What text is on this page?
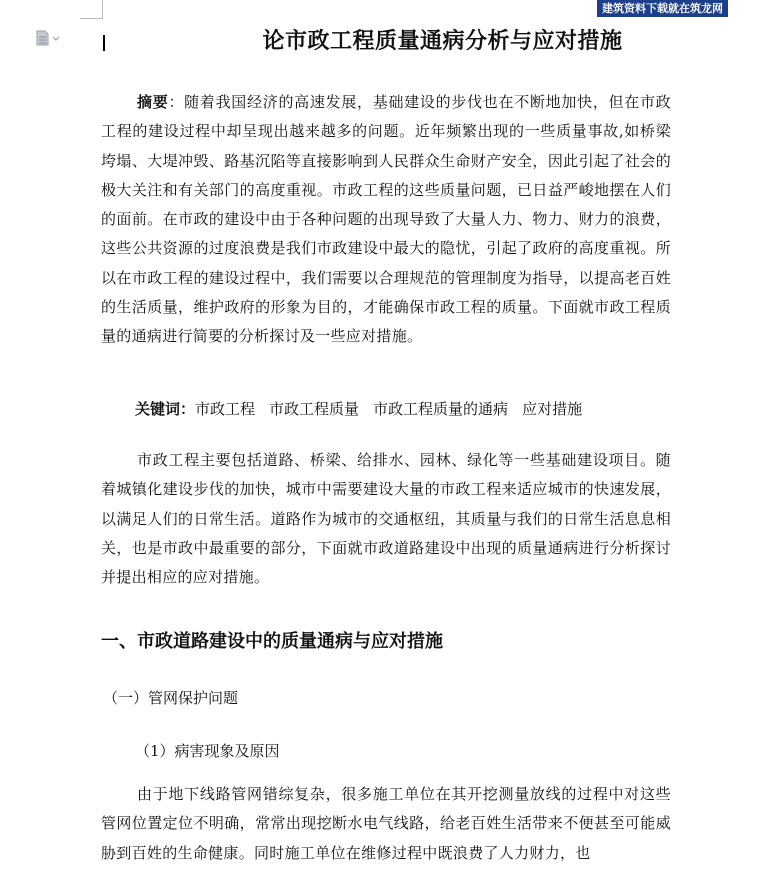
建筑资料下载就在筑龙网
论市政工程质量通病分析与应对措施

摘要：随着我国经济的高速发展，基础建设的步伐也在不断地加快，但在市政工程的建设过程中却呈现出越来越多的问题。近年频繁出现的一些质量事故,如桥梁垮塌、大堤冲毁、路基沉陷等直接影响到人民群众生命财产安全，因此引起了社会的极大关注和有关部门的高度重视。市政工程的这些质量问题，已日益严峻地摆在人们的面前。在市政的建设中由于各种问题的出现导致了大量人力、物力、财力的浪费，这些公共资源的过度浪费是我们市政建设中最大的隐忧，引起了政府的高度重视。所以在市政工程的建设过程中，我们需要以合理规范的管理制度为指导，以提高老百姓的生活质量，维护政府的形象为目的，才能确保市政工程的质量。下面就市政工程质量的通病进行简要的分析探讨及一些应对措施。

关键词：市政工程 市政工程质量 市政工程质量的通病 应对措施

市政工程主要包括道路、桥梁、给排水、园林、绿化等一些基础建设项目。随着城镇化建设步伐的加快，城市中需要建设大量的市政工程来适应城市的快速发展，以满足人们的日常生活。道路作为城市的交通枢纽，其质量与我们的日常生活息息相关，也是市政中最重要的部分，下面就市政道路建设中出现的质量通病进行分析探讨并提出相应的应对措施。

一、市政道路建设中的质量通病与应对措施
（一）管网保护问题
（1）病害现象及原因

由于地下线路管网错综复杂，很多施工单位在其开挖测量放线的过程中对这些管网位置定位不明确，常常出现挖断水电气线路，给老百姓生活带来不便甚至可能威胁到百姓的生命健康。同时施工单位在维修过程中既浪费了人力财力，也
